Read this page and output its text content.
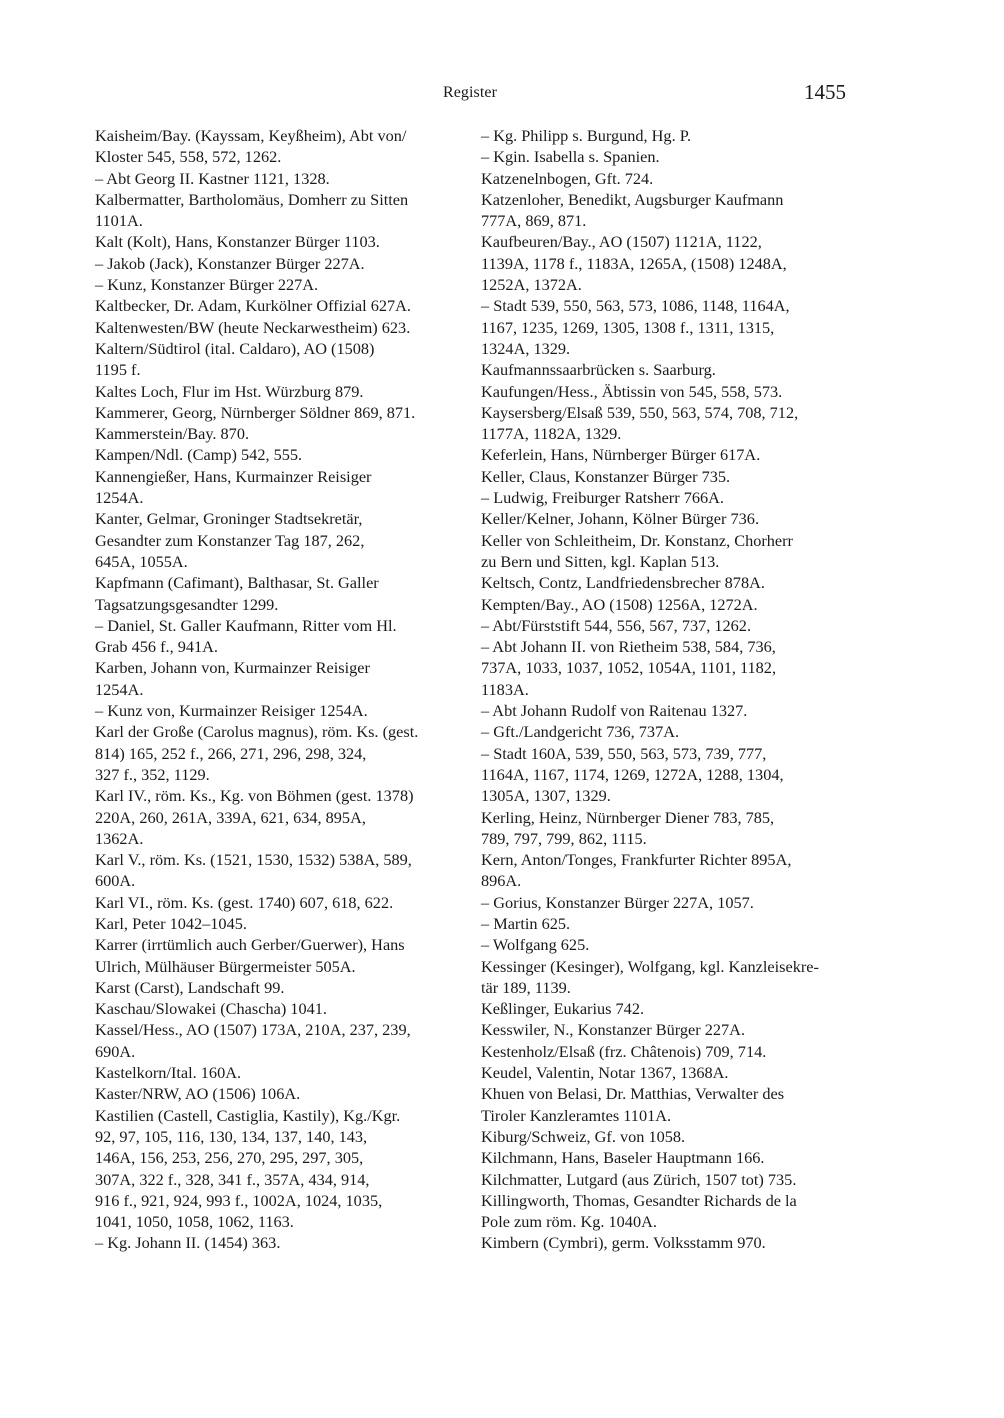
Register	1455

Kaisheim/Bay. (Kayssam, Keyßheim), Abt von/
Kloster 545, 558, 572, 1262.

– Abt Georg II. Kastner 1121, 1328.

Kalbermatter, Bartholomäus, Domherr zu Sitten
1101A.

Kalt (Kolt), Hans, Konstanzer Bürger 1103.

– Jakob (Jack), Konstanzer Bürger 227A.

– Kunz, Konstanzer Bürger 227A.

Kaltbecker, Dr. Adam, Kurkölner Offizial 627A.

Kaltenwesten/BW (heute Neckarwestheim) 623.

Kaltern/Südtirol (ital. Caldaro), AO (1508)
1195 f.

Kaltes Loch, Flur im Hst. Würzburg 879.

Kammerer, Georg, Nürnberger Söldner 869, 871.

Kammerstein/Bay. 870.

Kampen/Ndl. (Camp) 542, 555.

Kannengießer, Hans, Kurmainzer Reisiger
1254A.

Kanter, Gelmar, Groninger Stadtsekretär,
Gesandter zum Konstanzer Tag 187, 262,
645A, 1055A.

Kapfmann (Cafimant), Balthasar, St. Galler
Tagsatzungsgesandter 1299.

– Daniel, St. Galler Kaufmann, Ritter vom Hl.
Grab 456 f., 941A.

Karben, Johann von, Kurmainzer Reisiger
1254A.

– Kunz von, Kurmainzer Reisiger 1254A.

Karl der Große (Carolus magnus), röm. Ks. (gest.
814) 165, 252 f., 266, 271, 296, 298, 324,
327 f., 352, 1129.

Karl IV., röm. Ks., Kg. von Böhmen (gest. 1378)
220A, 260, 261A, 339A, 621, 634, 895A,
1362A.

Karl V., röm. Ks. (1521, 1530, 1532) 538A, 589,
600A.

Karl VI., röm. Ks. (gest. 1740) 607, 618, 622.

Karl, Peter 1042–1045.

Karrer (irrtümlich auch Gerber/Guerwer), Hans
Ulrich, Mülhäuser Bürgermeister 505A.

Karst (Carst), Landschaft 99.

Kaschau/Slowakei (Chascha) 1041.

Kassel/Hess., AO (1507) 173A, 210A, 237, 239,
690A.

Kastelkorn/Ital. 160A.

Kaster/NRW, AO (1506) 106A.

Kastilien (Castell, Castiglia, Kastily), Kg./Kgr.
92, 97, 105, 116, 130, 134, 137, 140, 143,
146A, 156, 253, 256, 270, 295, 297, 305,
307A, 322 f., 328, 341 f., 357A, 434, 914,
916 f., 921, 924, 993 f., 1002A, 1024, 1035,
1041, 1050, 1058, 1062, 1163.

– Kg. Johann II. (1454) 363.

– Kg. Philipp s. Burgund, Hg. P.

– Kgin. Isabella s. Spanien.

Katzenelnbogen, Gft. 724.

Katzenloher, Benedikt, Augsburger Kaufmann
777A, 869, 871.

Kaufbeuren/Bay., AO (1507) 1121A, 1122,
1139A, 1178 f., 1183A, 1265A, (1508) 1248A,
1252A, 1372A.

– Stadt 539, 550, 563, 573, 1086, 1148, 1164A,
1167, 1235, 1269, 1305, 1308 f., 1311, 1315,
1324A, 1329.

Kaufmannssaarbrücken s. Saarburg.

Kaufungen/Hess., Äbtissin von 545, 558, 573.

Kaysersberg/Elsaß 539, 550, 563, 574, 708, 712,
1177A, 1182A, 1329.

Keferlein, Hans, Nürnberger Bürger 617A.

Keller, Claus, Konstanzer Bürger 735.

– Ludwig, Freiburger Ratsherr 766A.

Keller/Kelner, Johann, Kölner Bürger 736.

Keller von Schleitheim, Dr. Konstanz, Chorherr
zu Bern und Sitten, kgl. Kaplan 513.

Keltsch, Contz, Landfriedensbrecher 878A.

Kempten/Bay., AO (1508) 1256A, 1272A.

– Abt/Fürststift 544, 556, 567, 737, 1262.

– Abt Johann II. von Rietheim 538, 584, 736,
737A, 1033, 1037, 1052, 1054A, 1101, 1182,
1183A.

– Abt Johann Rudolf von Raitenau 1327.

– Gft./Landgericht 736, 737A.

– Stadt 160A, 539, 550, 563, 573, 739, 777,
1164A, 1167, 1174, 1269, 1272A, 1288, 1304,
1305A, 1307, 1329.

Kerling, Heinz, Nürnberger Diener 783, 785,
789, 797, 799, 862, 1115.

Kern, Anton/Tonges, Frankfurter Richter 895A,
896A.

– Gorius, Konstanzer Bürger 227A, 1057.

– Martin 625.

– Wolfgang 625.

Kessinger (Kesinger), Wolfgang, kgl. Kanzleisekre-
tär 189, 1139.

Keßlinger, Eukarius 742.

Kesswiler, N., Konstanzer Bürger 227A.

Kestenholz/Elsaß (frz. Châtenois) 709, 714.

Keudel, Valentin, Notar 1367, 1368A.

Khuen von Belasi, Dr. Matthias, Verwalter des
Tiroler Kanzleramtes 1101A.

Kiburg/Schweiz, Gf. von 1058.

Kilchmann, Hans, Baseler Hauptmann 166.

Kilchmatter, Lutgard (aus Zürich, 1507 tot) 735.

Killingworth, Thomas, Gesandter Richards de la
Pole zum röm. Kg. 1040A.

Kimbern (Cymbri), germ. Volksstamm 970.
